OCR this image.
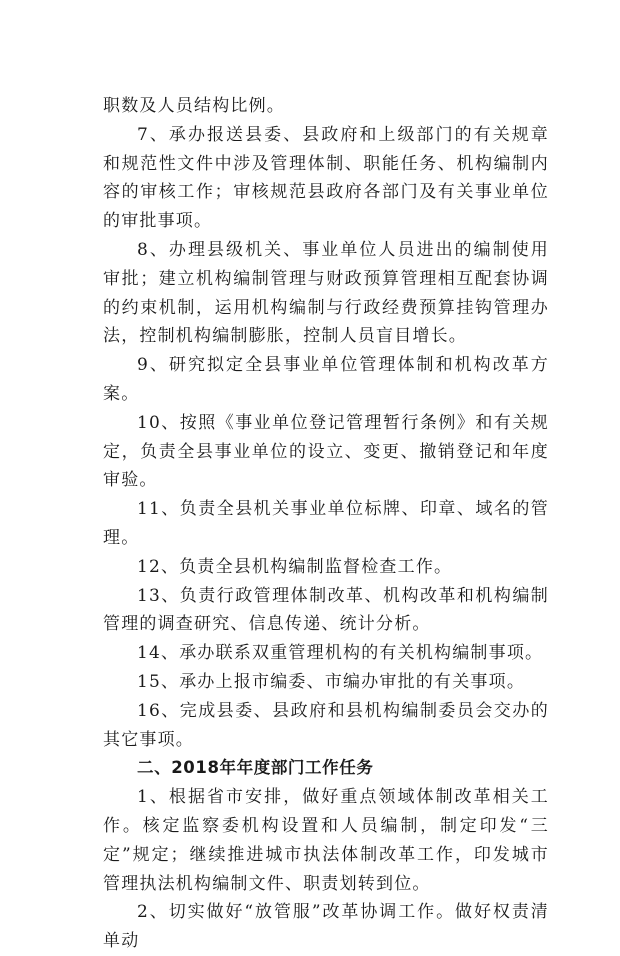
职数及人员结构比例。

7、承办报送县委、县政府和上级部门的有关规章和规范性文件中涉及管理体制、职能任务、机构编制内容的审核工作；审核规范县政府各部门及有关事业单位的审批事项。

8、办理县级机关、事业单位人员进出的编制使用审批；建立机构编制管理与财政预算管理相互配套协调的约束机制，运用机构编制与行政经费预算挂钩管理办法，控制机构编制膨胀，控制人员盲目增长。

9、研究拟定全县事业单位管理体制和机构改革方案。

10、按照《事业单位登记管理暂行条例》和有关规定，负责全县事业单位的设立、变更、撤销登记和年度审验。

11、负责全县机关事业单位标牌、印章、域名的管理。

12、负责全县机构编制监督检查工作。

13、负责行政管理体制改革、机构改革和机构编制管理的调查研究、信息传递、统计分析。

14、承办联系双重管理机构的有关机构编制事项。

15、承办上报市编委、市编办审批的有关事项。

16、完成县委、县政府和县机构编制委员会交办的其它事项。

二、2018年年度部门工作任务

1、根据省市安排，做好重点领域体制改革相关工作。核定监察委机构设置和人员编制，制定印发“三定”规定；继续推进城市执法体制改革工作，印发城市管理执法机构编制文件、职责划转到位。

2、切实做好“放管服”改革协调工作。做好权责清单动
